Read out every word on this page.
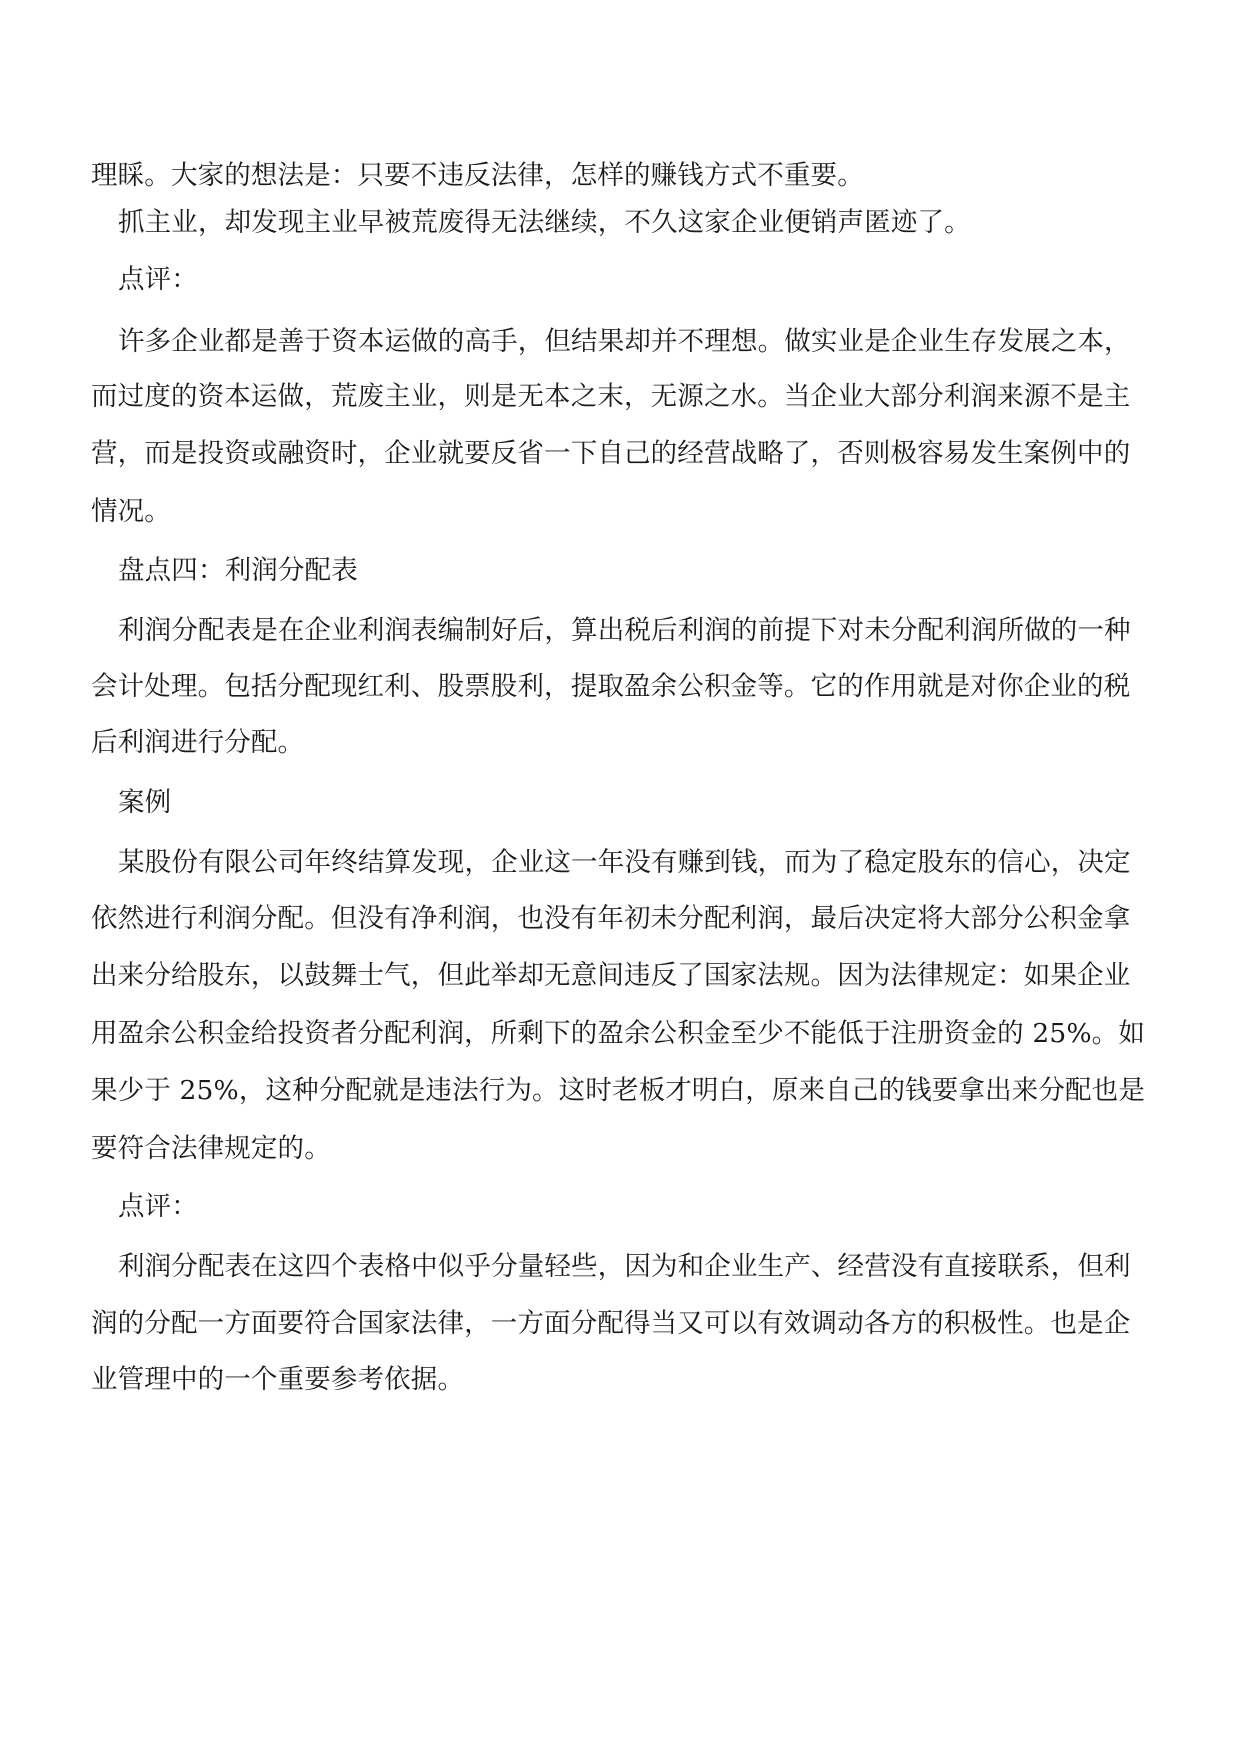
理睬。大家的想法是：只要不违反法律，怎样的赚钱方式不重要。
抓主业，却发现主业早被荒废得无法继续，不久这家企业便销声匿迹了。
点评：
许多企业都是善于资本运做的高手，但结果却并不理想。做实业是企业生存发展之本，
而过度的资本运做，荒废主业，则是无本之末，无源之水。当企业大部分利润来源不是主
营，而是投资或融资时，企业就要反省一下自己的经营战略了，否则极容易发生案例中的
情况。
盘点四：利润分配表
利润分配表是在企业利润表编制好后，算出税后利润的前提下对未分配利润所做的一种
会计处理。包括分配现红利、股票股利，提取盈余公积金等。它的作用就是对你企业的税
后利润进行分配。
案例
某股份有限公司年终结算发现，企业这一年没有赚到钱，而为了稳定股东的信心，决定
依然进行利润分配。但没有净利润，也没有年初未分配利润，最后决定将大部分公积金拿
出来分给股东，以鼓舞士气，但此举却无意间违反了国家法规。因为法律规定：如果企业
用盈余公积金给投资者分配利润，所剩下的盈余公积金至少不能低于注册资金的 25%。如
果少于 25%，这种分配就是违法行为。这时老板才明白，原来自己的钱要拿出来分配也是
要符合法律规定的。
点评：
利润分配表在这四个表格中似乎分量轻些，因为和企业生产、经营没有直接联系，但利
润的分配一方面要符合国家法律，一方面分配得当又可以有效调动各方的积极性。也是企
业管理中的一个重要参考依据。
